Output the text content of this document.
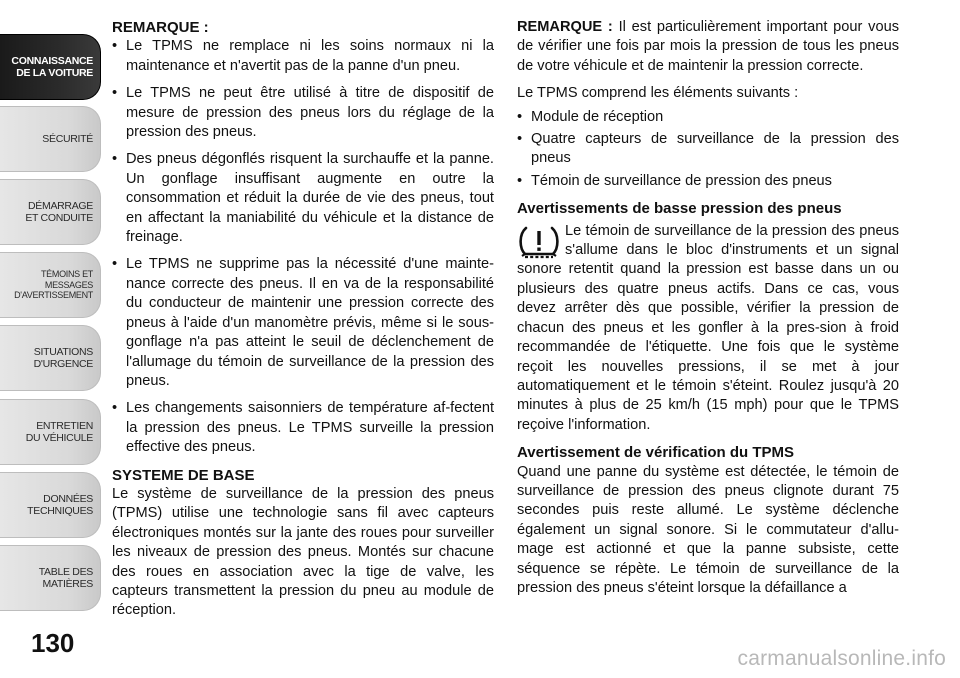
CONNAISSANCE
DE LA VOITURE
SÉCURITÉ
DÉMARRAGE
ET CONDUITE
TÉMOINS ET
MESSAGES
D'AVERTISSEMENT
SITUATIONS
D'URGENCE
ENTRETIEN
DU VÉHICULE
DONNÉES
TECHNIQUES
TABLE DES
MATIÈRES
130
REMARQUE :

• Le TPMS ne remplace ni les soins normaux ni la maintenance et n'avertit pas de la panne d'un pneu.

• Le TPMS ne peut être utilisé à titre de dispositif de mesure de pression des pneus lors du réglage de la pression des pneus.

• Des pneus dégonflés risquent la surchauffe et la panne. Un gonflage insuffisant augmente en outre la consommation et réduit la durée de vie des pneus, tout en affectant la maniabilité du véhicule et la distance de freinage.

• Le TPMS ne supprime pas la nécessité d'une mainte-nance correcte des pneus. Il en va de la responsabilité du conducteur de maintenir une pression correcte des pneus à l'aide d'un manomètre prévis, même si le sous-gonflage n'a pas atteint le seuil de déclenchement de l'allumage du témoin de surveillance de la pression des pneus.

• Les changements saisonniers de température af-fectent la pression des pneus. Le TPMS surveille la pression effective des pneus.

SYSTEME DE BASE

Le système de surveillance de la pression des pneus (TPMS) utilise une technologie sans fil avec capteurs électroniques montés sur la jante des roues pour surveiller les niveaux de pression des pneus. Montés sur chacune des roues en association avec la tige de valve, les capteurs transmettent la pression du pneu au module de réception.

REMARQUE : Il est particulièrement important pour vous de vérifier une fois par mois la pression de tous les pneus de votre véhicule et de maintenir la pression correcte.

Le TPMS comprend les éléments suivants :

• Module de réception
• Quatre capteurs de surveillance de la pression des pneus
• Témoin de surveillance de pression des pneus
Avertissements de basse pression des pneus

Le témoin de surveillance de la pression des pneus s'allume dans le bloc d'instruments et un signal sonore retentit quand la pression est basse dans un ou plusieurs des quatre pneus actifs. Dans ce cas, vous devez arrêter dès que possible, vérifier la pression de chacun des pneus et les gonfler à la pres-sion à froid recommandée de l'étiquette. Une fois que le système reçoit les nouvelles pressions, il se met à jour automatiquement et le témoin s'éteint. Roulez jusqu'à 20 minutes à plus de 25 km/h (15 mph) pour que le TPMS reçoive l'information.

Avertissement de vérification du TPMS

Quand une panne du système est détectée, le témoin de surveillance de pression des pneus clignote durant 75 secondes puis reste allumé. Le système déclenche également un signal sonore. Si le commutateur d'allu-mage est actionné et que la panne subsiste, cette séquence se répète. Le témoin de surveillance de la pression des pneus s'éteint lorsque la défaillance a

carmanualsonline.info
